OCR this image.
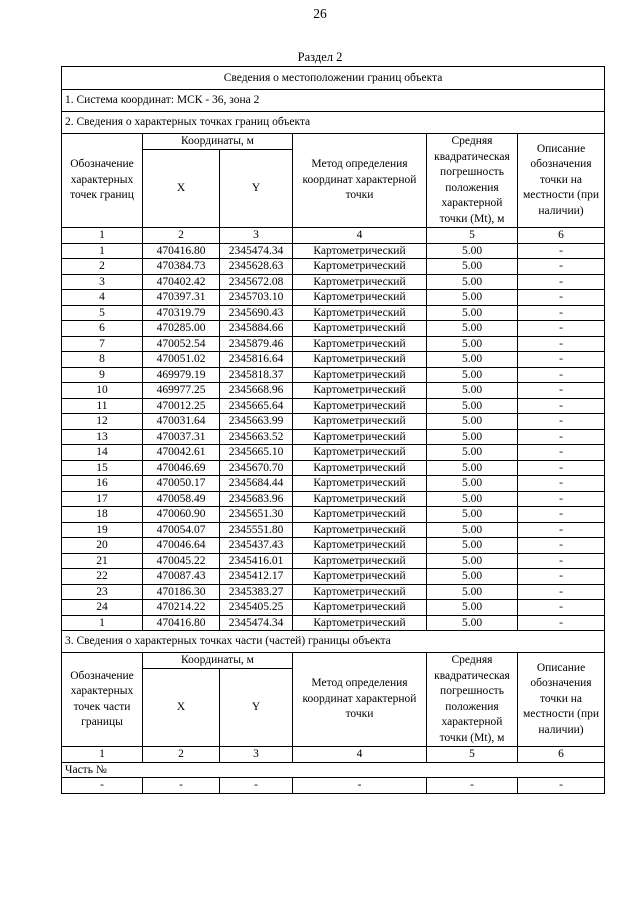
26
Раздел 2
Сведения о местоположении границ объекта					
1. Система координат: МСК - 36, зона 2					
2. Сведения о характерных точках границ объекта					
Обозначение характерных точек границ	Координаты, м		Метод определения координат характерной точки	Средняя квадратическая погрешность положения характерной точки (Mt), м	Описание обозначения точки на местности (при наличии)
	X	Y			
1	2	3	4	5	6
1	470416.80	2345474.34	Картометрический	5.00	-
2	470384.73	2345628.63	Картометрический	5.00	-
3	470402.42	2345672.08	Картометрический	5.00	-
4	470397.31	2345703.10	Картометрический	5.00	-
5	470319.79	2345690.43	Картометрический	5.00	-
6	470285.00	2345884.66	Картометрический	5.00	-
7	470052.54	2345879.46	Картометрический	5.00	-
8	470051.02	2345816.64	Картометрический	5.00	-
9	469979.19	2345818.37	Картометрический	5.00	-
10	469977.25	2345668.96	Картометрический	5.00	-
11	470012.25	2345665.64	Картометрический	5.00	-
12	470031.64	2345663.99	Картометрический	5.00	-
13	470037.31	2345663.52	Картометрический	5.00	-
14	470042.61	2345665.10	Картометрический	5.00	-
15	470046.69	2345670.70	Картометрический	5.00	-
16	470050.17	2345684.44	Картометрический	5.00	-
17	470058.49	2345683.96	Картометрический	5.00	-
18	470060.90	2345651.30	Картометрический	5.00	-
19	470054.07	2345551.80	Картометрический	5.00	-
20	470046.64	2345437.43	Картометрический	5.00	-
21	470045.22	2345416.01	Картометрический	5.00	-
22	470087.43	2345412.17	Картометрический	5.00	-
23	470186.30	2345383.27	Картометрический	5.00	-
24	470214.22	2345405.25	Картометрический	5.00	-
1	470416.80	2345474.34	Картометрический	5.00	-
3. Сведения о характерных точках части (частей) границы объекта					
Обозначение характерных точек части границы	Координаты, м		Метод определения координат характерной точки	Средняя квадратическая погрешность положения характерной точки (Mt), м	Описание обозначения точки на местности (при наличии)
	X	Y			
1	2	3	4	5	6
Часть №					
-	-	-	-	-	-
